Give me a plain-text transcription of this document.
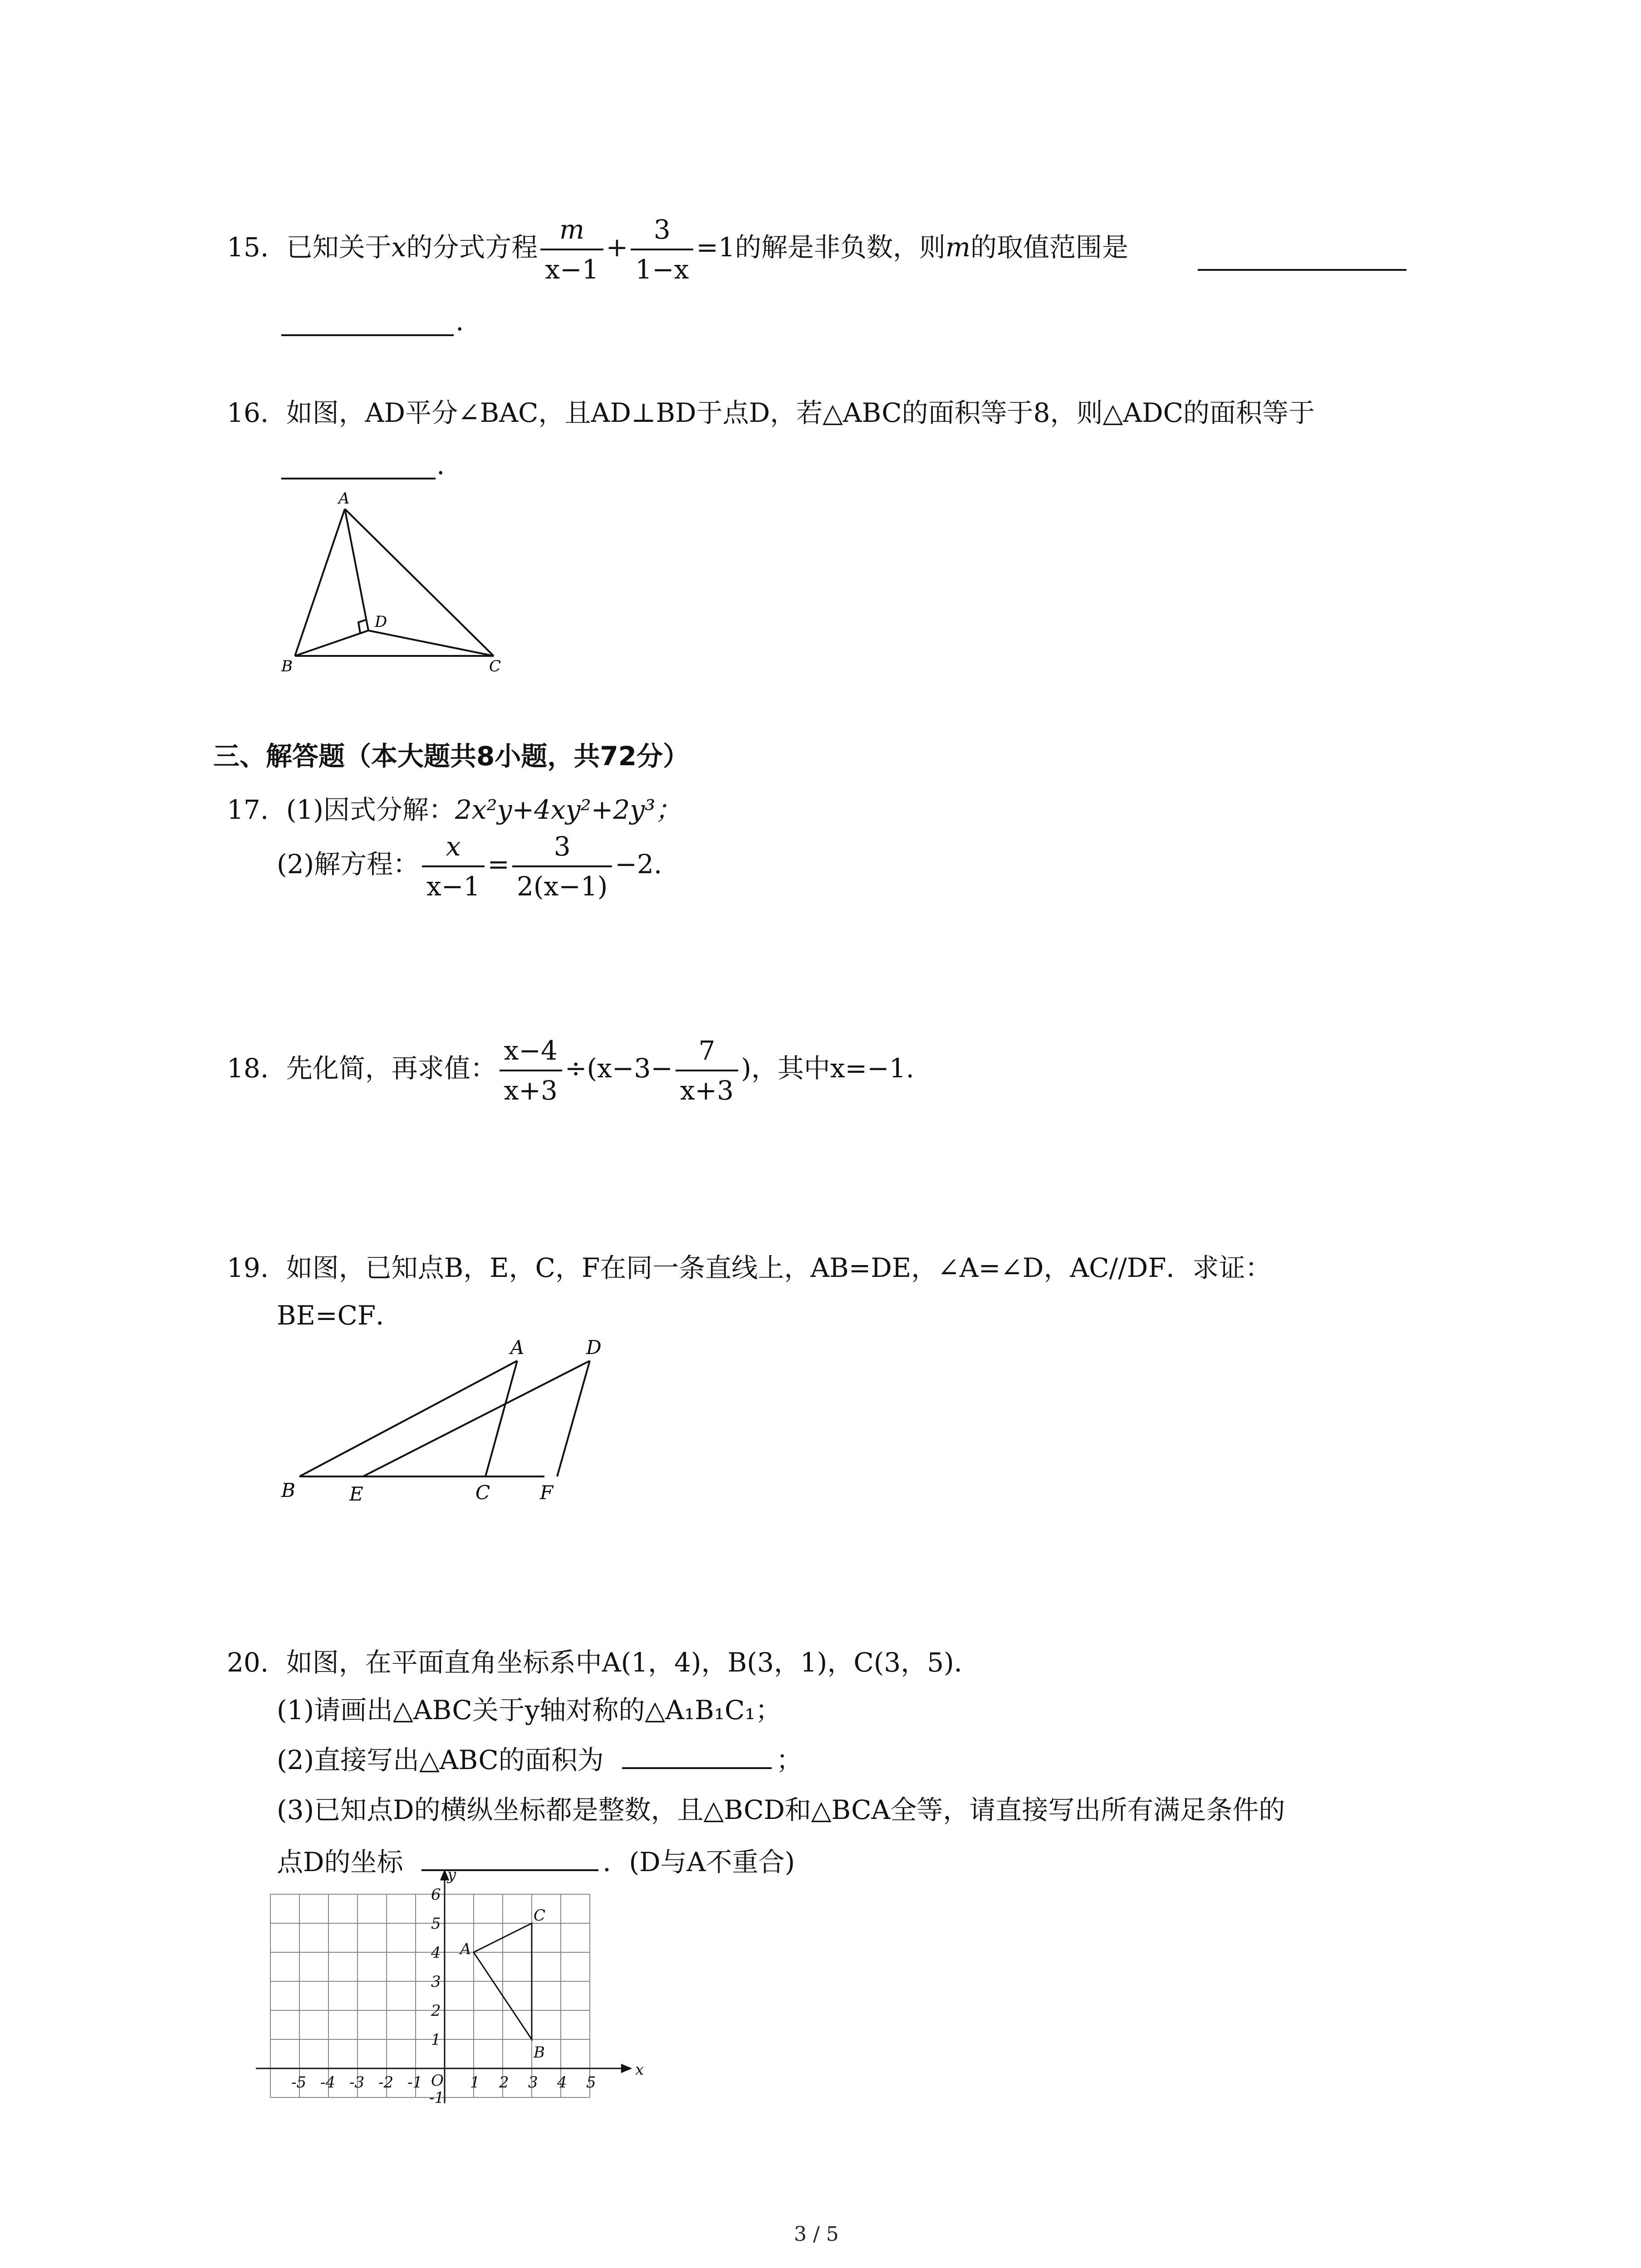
15. 已知关于x的分式方程 $\frac{m}{x-1} + \frac{3}{1-x} =1$的解是非负数，则m的取值范围是
.
16. 如图，AD平分∠BAC，且AD⊥BD于点D，若△ABC的面积等于8，则△ADC的面积等于
.
A
B	C
D
三、解答题（本大题共8小题，共72分）
17. (1)因式分解：2x²y+4xy²+2y³；
(2)解方程： $\frac{x}{x-1} = \frac{3}{2(x-1)} -2$.
18. 先化简，再求值： $\frac{x-4}{x+3} \div(x-3- \frac{7}{x+3}$ )，其中x=−1.
19. 如图，已知点B，E，C，F在同一条直线上，AB=DE，∠A=∠D，AC//DF．求证：
BE=CF．
A	D
B	E	C	F
20. 如图，在平面直角坐标系中A(1，4)，B(3，1)，C(3，5)．
(1)请画出△ABC关于y轴对称的△A₁B₁C₁；
(2)直接写出△ABC的面积为	；
(3)已知点D的横纵坐标都是整数，且△BCD和△BCA全等，请直接写出所有满足条件的
点D的坐标	．(D与A不重合)
-5 -4 -3 -2 -1	1 2 3 4 5
-1
1
2
3
4
5
6
O
x
y
A
B
C
3 / 5
